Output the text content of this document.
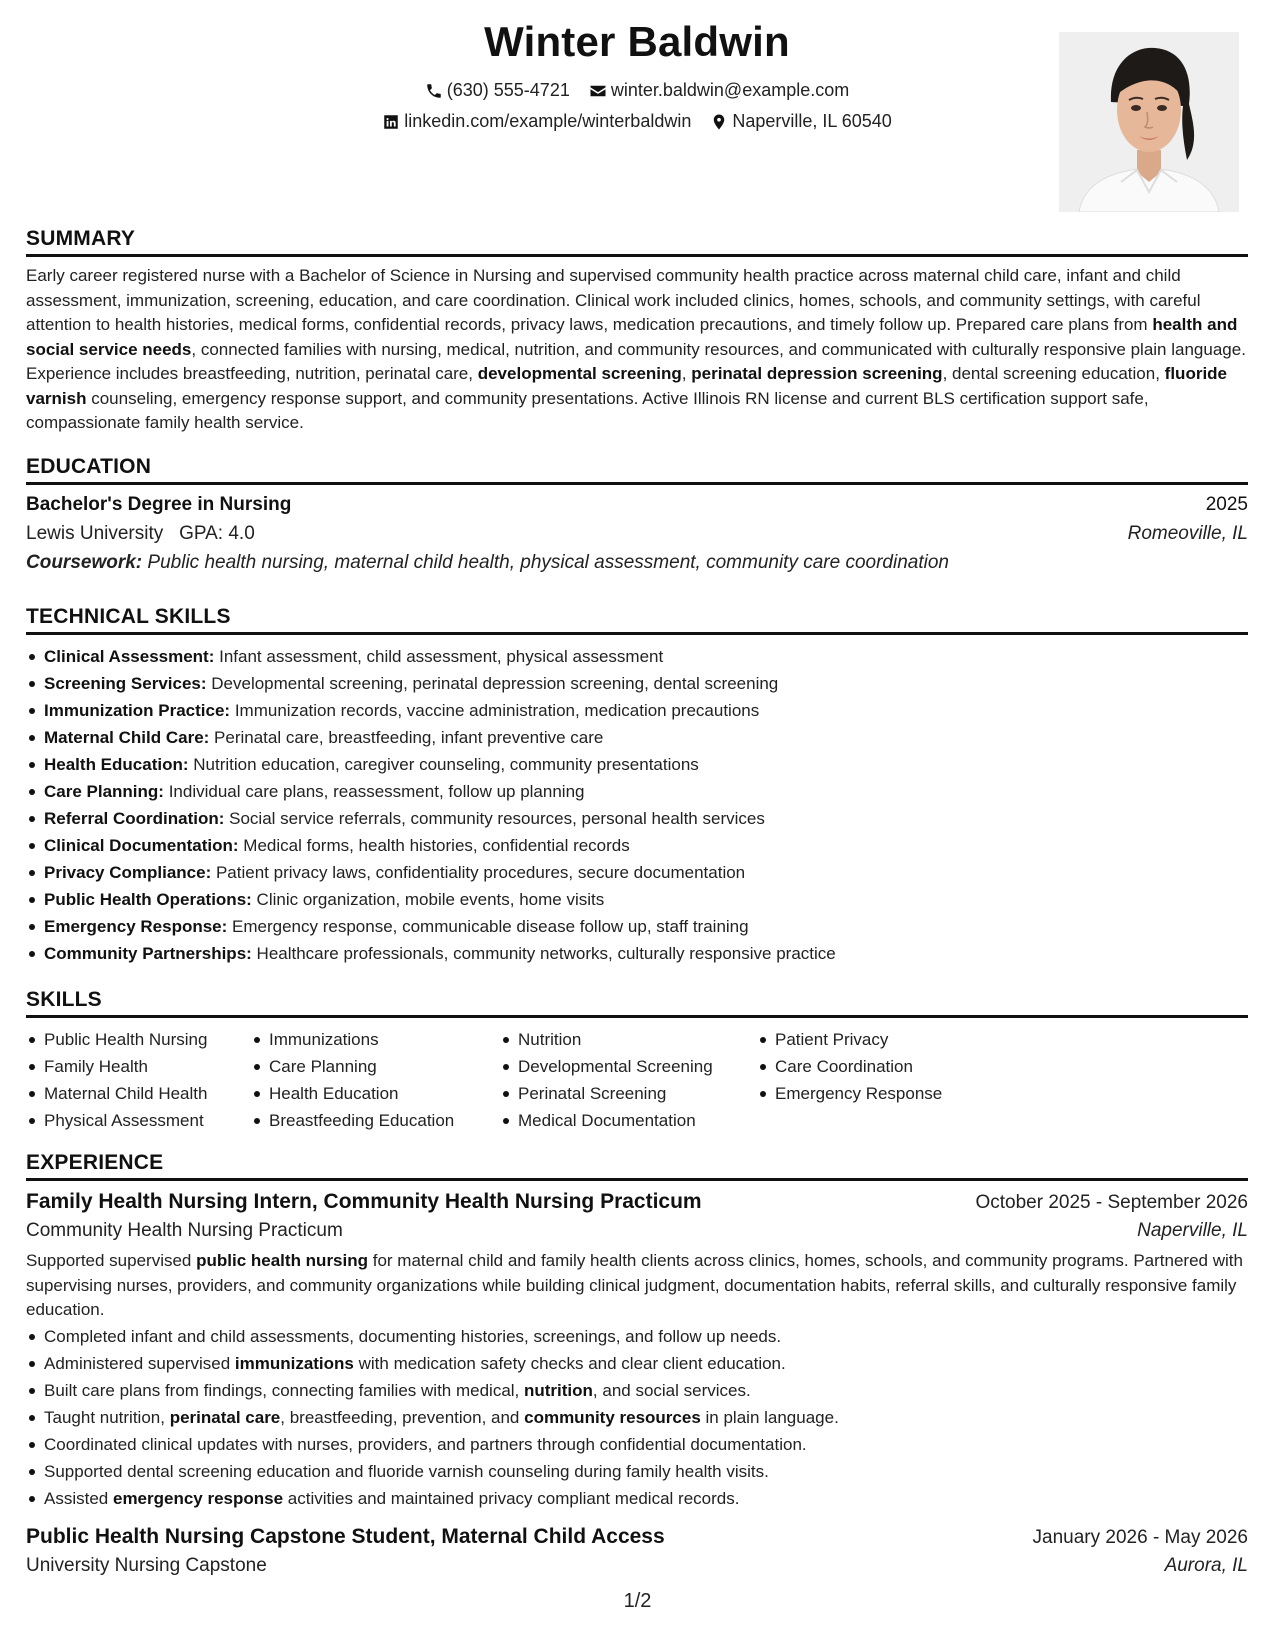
Winter Baldwin
(630) 555-4721
winter.baldwin@example.com
linkedin.com/example/winterbaldwin
Naperville, IL 60540
SUMMARY

Early career registered nurse with a Bachelor of Science in Nursing and supervised community health practice across maternal child care, infant and child assessment, immunization, screening, education, and care coordination. Clinical work included clinics, homes, schools, and community settings, with careful attention to health histories, medical forms, confidential records, privacy laws, medication precautions, and timely follow up. Prepared care plans from health and social service needs, connected families with nursing, medical, nutrition, and community resources, and communicated with culturally responsive plain language. Experience includes breastfeeding, nutrition, perinatal care, developmental screening, perinatal depression screening, dental screening education, fluoride varnish counseling, emergency response support, and community presentations. Active Illinois RN license and current BLS certification support safe, compassionate family health service.

EDUCATION
Bachelor's Degree in Nursing	2025
Lewis University   GPA: 4.0	Romeoville, IL
Coursework: Public health nursing, maternal child health, physical assessment, community care coordination
TECHNICAL SKILLS
Clinical Assessment: Infant assessment, child assessment, physical assessment
Screening Services: Developmental screening, perinatal depression screening, dental screening
Immunization Practice: Immunization records, vaccine administration, medication precautions
Maternal Child Care: Perinatal care, breastfeeding, infant preventive care
Health Education: Nutrition education, caregiver counseling, community presentations
Care Planning: Individual care plans, reassessment, follow up planning
Referral Coordination: Social service referrals, community resources, personal health services
Clinical Documentation: Medical forms, health histories, confidential records
Privacy Compliance: Patient privacy laws, confidentiality procedures, secure documentation
Public Health Operations: Clinic organization, mobile events, home visits
Emergency Response: Emergency response, communicable disease follow up, staff training
Community Partnerships: Healthcare professionals, community networks, culturally responsive practice
SKILLS
Public Health Nursing
Family Health
Maternal Child Health
Physical Assessment
Immunizations
Care Planning
Health Education
Breastfeeding Education
Nutrition
Developmental Screening
Perinatal Screening
Medical Documentation
Patient Privacy
Care Coordination
Emergency Response
EXPERIENCE
Family Health Nursing Intern, Community Health Nursing Practicum	October 2025 - September 2026
Community Health Nursing Practicum	Naperville, IL

Supported supervised public health nursing for maternal child and family health clients across clinics, homes, schools, and community programs. Partnered with supervising nurses, providers, and community organizations while building clinical judgment, documentation habits, referral skills, and culturally responsive family education.

Completed infant and child assessments, documenting histories, screenings, and follow up needs.
Administered supervised immunizations with medication safety checks and clear client education.
Built care plans from findings, connecting families with medical, nutrition, and social services.
Taught nutrition, perinatal care, breastfeeding, prevention, and community resources in plain language.
Coordinated clinical updates with nurses, providers, and partners through confidential documentation.
Supported dental screening education and fluoride varnish counseling during family health visits.
Assisted emergency response activities and maintained privacy compliant medical records.
Public Health Nursing Capstone Student, Maternal Child Access	January 2026 - May 2026
University Nursing Capstone	Aurora, IL
1/2
